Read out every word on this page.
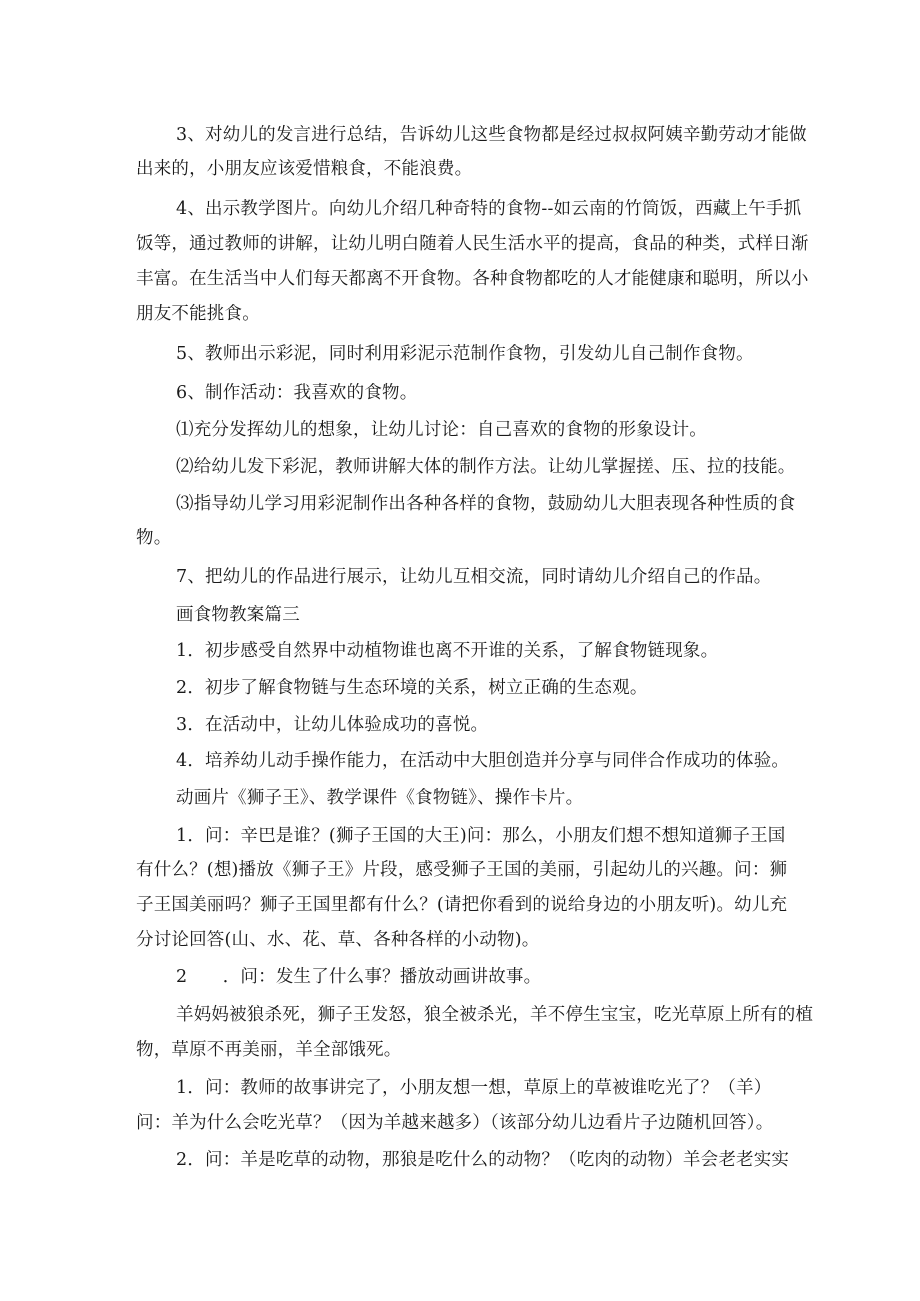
3、对幼儿的发言进行总结，告诉幼儿这些食物都是经过叔叔阿姨辛勤劳动才能做
出来的，小朋友应该爱惜粮食，不能浪费。
4、出示教学图片。向幼儿介绍几种奇特的食物--如云南的竹筒饭，西藏上午手抓
饭等，通过教师的讲解，让幼儿明白随着人民生活水平的提高，食品的种类，式样日渐
丰富。在生活当中人们每天都离不开食物。各种食物都吃的人才能健康和聪明，所以小
朋友不能挑食。
5、教师出示彩泥，同时利用彩泥示范制作食物，引发幼儿自己制作食物。
6、制作活动：我喜欢的食物。
⑴充分发挥幼儿的想象，让幼儿讨论：自己喜欢的食物的形象设计。
⑵给幼儿发下彩泥，教师讲解大体的制作方法。让幼儿掌握搓、压、拉的技能。
⑶指导幼儿学习用彩泥制作出各种各样的食物，鼓励幼儿大胆表现各种性质的食
物。
7、把幼儿的作品进行展示，让幼儿互相交流，同时请幼儿介绍自己的作品。
画食物教案篇三
1．初步感受自然界中动植物谁也离不开谁的关系，了解食物链现象。
2．初步了解食物链与生态环境的关系，树立正确的生态观。
3．在活动中，让幼儿体验成功的喜悦。
4．培养幼儿动手操作能力，在活动中大胆创造并分享与同伴合作成功的体验。
动画片《狮子王》、教学课件《食物链》、操作卡片。
1．问：辛巴是谁？(狮子王国的大王)问：那么，小朋友们想不想知道狮子王国
有什么？(想)播放《狮子王》片段，感受狮子王国的美丽，引起幼儿的兴趣。问：狮
子王国美丽吗？狮子王国里都有什么？(请把你看到的说给身边的小朋友听)。幼儿充
分讨论回答(山、水、花、草、各种各样的小动物)。
2　　．问：发生了什么事？播放动画讲故事。
羊妈妈被狼杀死，狮子王发怒，狼全被杀光，羊不停生宝宝，吃光草原上所有的植
物，草原不再美丽，羊全部饿死。
1．问：教师的故事讲完了，小朋友想一想，草原上的草被谁吃光了？（羊）
问：羊为什么会吃光草？（因为羊越来越多）（该部分幼儿边看片子边随机回答）。
2．问：羊是吃草的动物，那狼是吃什么的动物？（吃肉的动物）羊会老老实实
